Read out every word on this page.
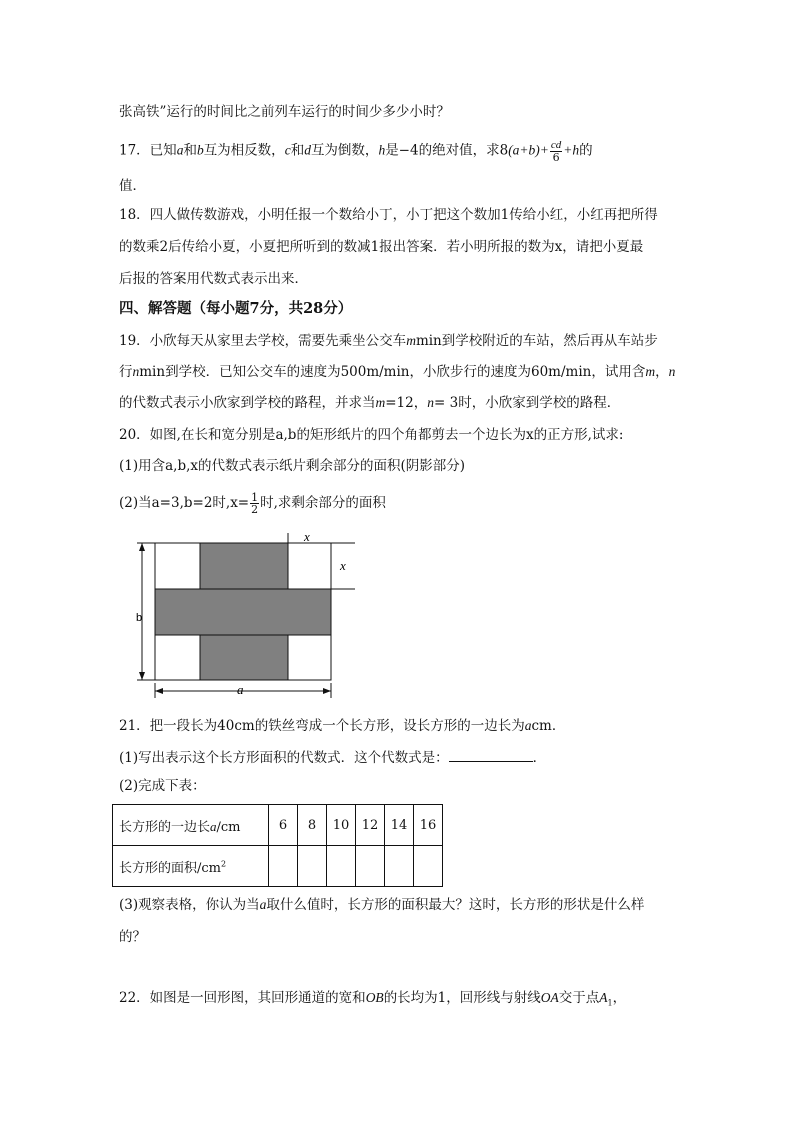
张高铁”运行的时间比之前列车运行的时间少多少小时？
17．已知a和b互为相反数，c和d互为倒数，h是−4的绝对值，求$8(a+b)+ \frac{cd}{6} +h$的
值．
18．四人做传数游戏，小明任报一个数给小丁，小丁把这个数加1传给小红，小红再把所得
的数乘2后传给小夏，小夏把所听到的数减1报出答案．若小明所报的数为x，请把小夏最
后报的答案用代数式表示出来．
四、解答题（每小题7分，共28分）
19．小欣每天从家里去学校，需要先乘坐公交车mmin到学校附近的车站，然后再从车站步
行nmin到学校．已知公交车的速度为500m/min，小欣步行的速度为60m/min，试用含m，n
的代数式表示小欣家到学校的路程，并求当m=12，n= 3时，小欣家到学校的路程．
20．如图,在长和宽分别是a,b的矩形纸片的四个角都剪去一个边长为x的正方形,试求:
(1)用含a,b,x的代数式表示纸片剩余部分的面积(阴影部分)
(2)当a=3,b=2时$,x= \frac{1}{2}$ 时,求剩余部分的面积
x
x
b
a
21．把一段长为40cm的铁丝弯成一个长方形，设长方形的一边长为acm．
(1)写出表示这个长方形面积的代数式．这个代数式是：	．
(2)完成下表：
长方形的一边长a/cm	6	8	10	12	14	16
长方形的面积$/cm^2$						
(3)观察表格，你认为当a取什么值时，长方形的面积最大？这时，长方形的形状是什么样
的？
22．如图是一回形图，其回形通道的宽和OB的长均为1，回形线与射线OA交于点$A_1$，
